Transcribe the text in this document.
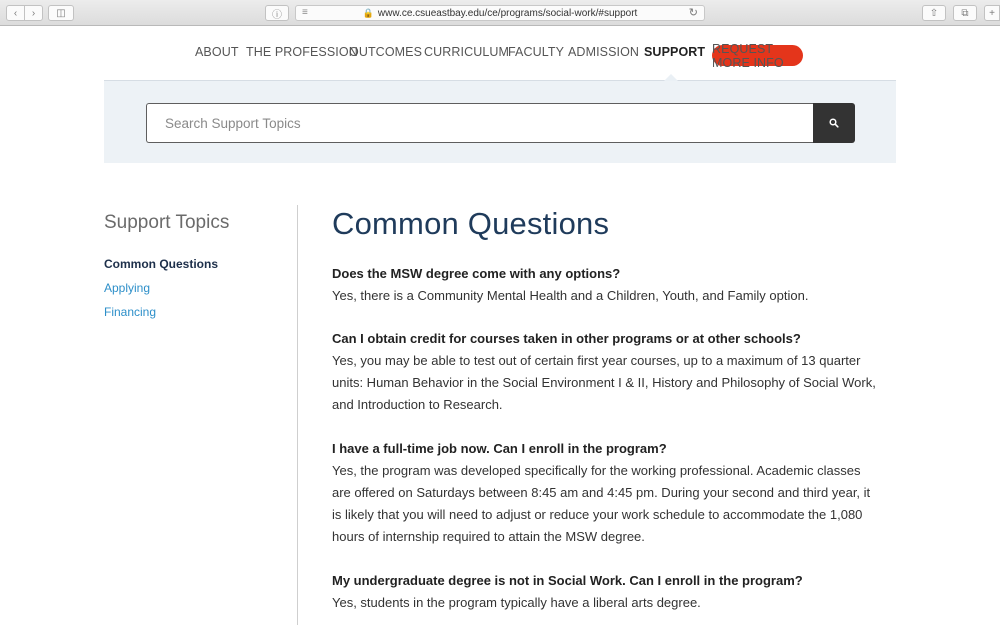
‹	›	◫	ⓘ	≡	🔒 www.ce.csueastbay.edu/ce/programs/social-work/#support	↻	⇧	⧉	+
ABOUT THE PROFESSION
OUTCOMES CURRICULUM
FACULTY ADMISSION SUPPORT REQUEST MORE INFO
Search Support Topics
Support Topics
Common Questions
Applying
Financing
Common Questions

Does the MSW degree come with any options?

Yes, there is a Community Mental Health and a Children, Youth, and Family option.

Can I obtain credit for courses taken in other programs or at other schools?

Yes, you may be able to test out of certain first year courses, up to a maximum of 13 quarter units: Human Behavior in the Social Environment I & II, History and Philosophy of Social Work, and Introduction to Research.

I have a full-time job now. Can I enroll in the program?

Yes, the program was developed specifically for the working professional. Academic classes are offered on Saturdays between 8:45 am and 4:45 pm. During your second and third year, it is likely that you will need to adjust or reduce your work schedule to accommodate the 1,080 hours of internship required to attain the MSW degree.

My undergraduate degree is not in Social Work. Can I enroll in the program?

Yes, students in the program typically have a liberal arts degree.
